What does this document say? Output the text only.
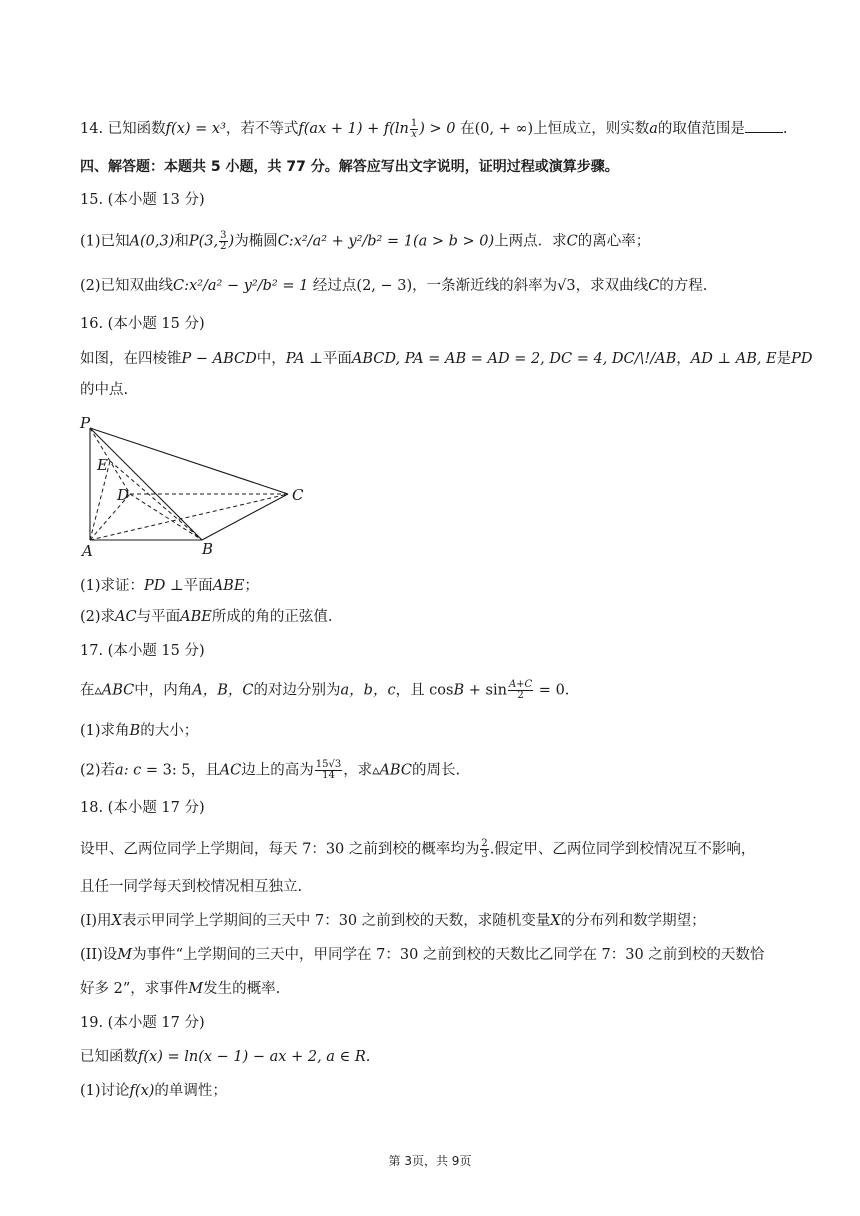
14. 已知函数f(x) = x³，若不等式$f(ax + 1) + f(\ln \frac{1}{x}$ ) > 0 在(0, + ∞)上恒成立，则实数a的取值范围是	.
四、解答题：本题共 5 小题，共 77 分。解答应写出文字说明，证明过程或演算步骤。
15. (本小题 13 分)
(1)已知A(0,3)和P(3, $\frac{3}{2}$ )为椭圆C:x²/a² + y²/b² = 1(a > b > 0)上两点．求C的离心率；
(2)已知双曲线C:x²/a² − y²/b² = 1 经过点(2, − 3)，一条渐近线的斜率为√3，求双曲线C的方程.
16. (本小题 15 分)
如图，在四棱锥P − ABCD中，PA ⊥平面ABCD, PA = AB = AD = 2, DC = 4, DC/\!/AB，AD ⊥ AB, E是PD
的中点.
P
E
D	C
A	B
(1)求证：PD ⊥平面ABE；
(2)求AC与平面ABE所成的角的正弦值.
17. (本小题 15 分)
在▵ABC中，内角A，B，C的对边分别为a，b，c，且 $\cos B + \sin \frac{A+C}{2} = 0$.
(1)求角B的大小；
(2)若a: c = 3: 5，且AC边上的高为 $\frac{15√3}{14}$ ，求▵ABC的周长.
18. (本小题 17 分)
设甲、乙两位同学上学期间，每天 7：30 之前到校的概率均为 $\frac{2}{3}$ .假定甲、乙两位同学到校情况互不影响，
且任一同学每天到校情况相互独立.
(I)用X表示甲同学上学期间的三天中 7：30 之前到校的天数，求随机变量X的分布列和数学期望；
(II)设M为事件“上学期间的三天中，甲同学在 7：30 之前到校的天数比乙同学在 7：30 之前到校的天数恰
好多 2”，求事件M发生的概率.
19. (本小题 17 分)
已知函数f(x) = ln(x − 1) − ax + 2, a ∈ R.
(1)讨论f(x)的单调性；
第 3页，共 9页
